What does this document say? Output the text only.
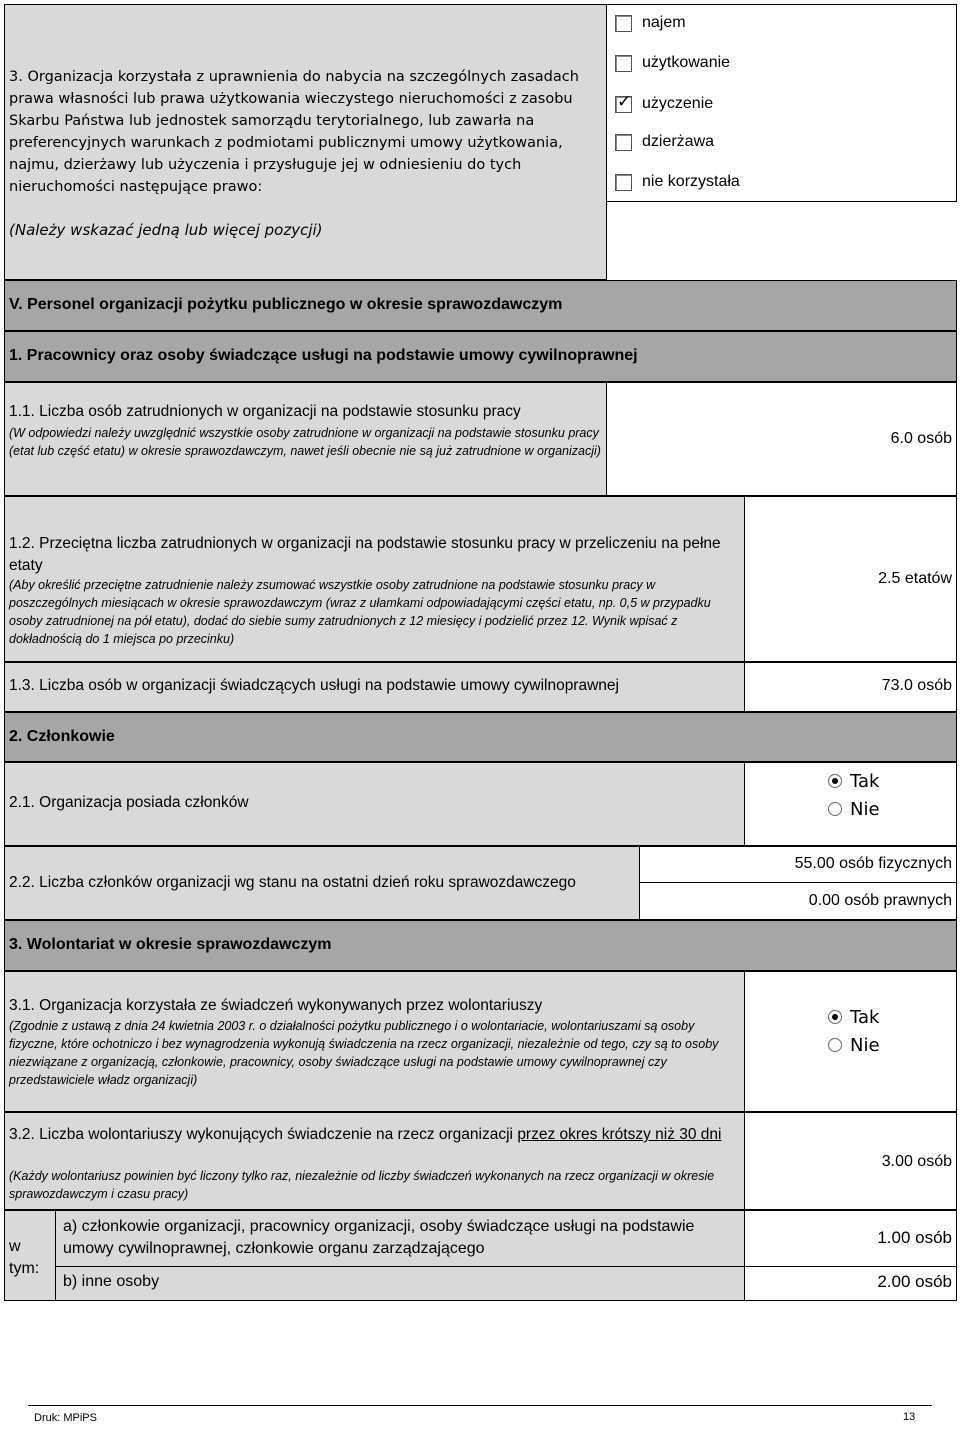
3. Organizacja korzystała z uprawnienia do nabycia na szczególnych zasadach prawa własności lub prawa użytkowania wieczystego nieruchomości z zasobu Skarbu Państwa lub jednostek samorządu terytorialnego, lub zawarła na preferencyjnych warunkach z podmiotami publicznymi umowy użytkowania, najmu, dzierżawy lub użyczenia i przysługuje jej w odniesieniu do tych nieruchomości następujące prawo:
(Należy wskazać jedną lub więcej pozycji)
najem
użytkowanie
✓ użyczenie
dzierżawa
nie korzystała
V. Personel organizacji pożytku publicznego w okresie sprawozdawczym
1. Pracownicy oraz osoby świadczące usługi na podstawie umowy cywilnoprawnej
1.1. Liczba osób zatrudnionych w organizacji na podstawie stosunku pracy
(W odpowiedzi należy uwzględnić wszystkie osoby zatrudnione w organizacji na podstawie stosunku pracy (etat lub część etatu) w okresie sprawozdawczym, nawet jeśli obecnie nie są już zatrudnione w organizacji)
6.0 osób
1.2. Przeciętna liczba zatrudnionych w organizacji na podstawie stosunku pracy w przeliczeniu na pełne etaty
(Aby określić przeciętne zatrudnienie należy zsumować wszystkie osoby zatrudnione na podstawie stosunku pracy w poszczególnych miesiącach w okresie sprawozdawczym (wraz z ułamkami odpowiadającymi części etatu, np. 0,5 w przypadku osoby zatrudnionej na pół etatu), dodać do siebie sumy zatrudnionych z 12 miesięcy i podzielić przez 12. Wynik wpisać z dokładnością do 1 miejsca po przecinku)
2.5 etatów
1.3. Liczba osób w organizacji świadczących usługi na podstawie umowy cywilnoprawnej	73.0 osób
2. Członkowie
2.1. Organizacja posiada członków
Tak
Nie
2.2. Liczba członków organizacji wg stanu na ostatni dzień roku sprawozdawczego
55.00 osób fizycznych
0.00 osób prawnych
3. Wolontariat w okresie sprawozdawczym
3.1. Organizacja korzystała ze świadczeń wykonywanych przez wolontariuszy
(Zgodnie z ustawą z dnia 24 kwietnia 2003 r. o działalności pożytku publicznego i o wolontariacie, wolontariuszami są osoby fizyczne, które ochotniczo i bez wynagrodzenia wykonują świadczenia na rzecz organizacji, niezależnie od tego, czy są to osoby niezwiązane z organizacją, członkowie, pracownicy, osoby świadczące usługi na podstawie umowy cywilnoprawnej czy przedstawiciele władz organizacji)
Tak
Nie
3.2. Liczba wolontariuszy wykonujących świadczenie na rzecz organizacji przez okres krótszy niż 30 dni
(Każdy wolontariusz powinien być liczony tylko raz, niezależnie od liczby świadczeń wykonanych na rzecz organizacji w okresie sprawozdawczym i czasu pracy)
3.00 osób
w tym:
a) członkowie organizacji, pracownicy organizacji, osoby świadczące usługi na podstawie umowy cywilnoprawnej, członkowie organu zarządzającego
1.00 osób
b) inne osoby	2.00 osób
Druk: MPiPS	13
